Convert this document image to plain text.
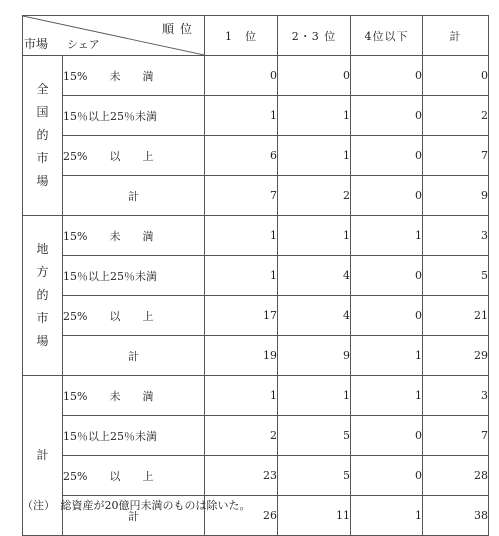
順位
市場 シェア		1　位	2・3 位	4位以下	計
全国的市場	15%　　未　　満	0	0	0	0
	15％以上25％未満	1	1	0	2
	25%　　以　　上	6	1	0	7
	計	7	2	0	9
地方的市場	15%　　未　　満	1	1	1	3
	15％以上25％未満	1	4	0	5
	25%　　以　　上	17	4	0	21
	計	19	9	1	29
計	15%　　未　　満	1	1	1	3
	15％以上25％未満	2	5	0	7
	25%　　以　　上	23	5	0	28
	計	26	11	1	38
（注）　総資産が20億円未満のものは除いた。
